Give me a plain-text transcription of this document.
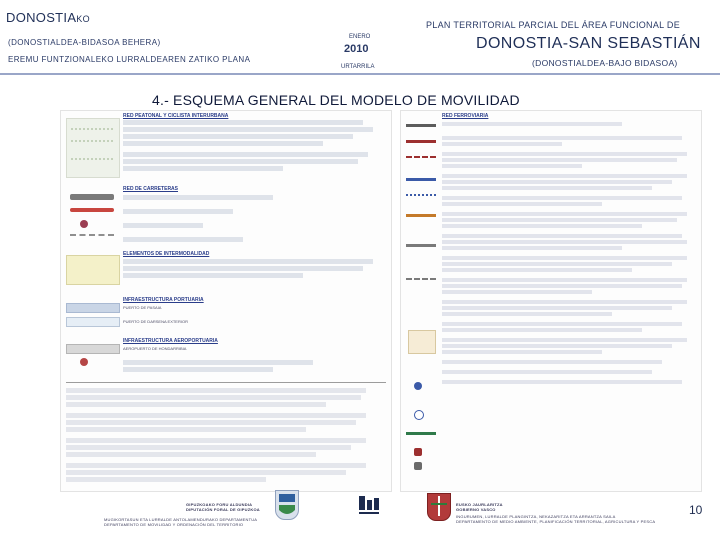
DONOSTIAKO
(DONOSTIALDEA-BIDASOA BEHERA)
EREMU FUNTZIONALEKO LURRALDEAREN ZATIKO PLANA
ENERO
2010
URTARRILA
PLAN TERRITORIAL PARCIAL DEL ÁREA FUNCIONAL DE
DONOSTIA-SAN SEBASTIÁN
(DONOSTIALDEA-BAJO BIDASOA)
4.- ESQUEMA GENERAL DEL MODELO DE MOVILIDAD
RED PEATONAL Y CICLISTA INTERURBANA
RED DE CARRETERAS
ELEMENTOS DE INTERMODALIDAD
INFRAESTRUCTURA PORTUARIA
PUERTO DE PASAIA
PUERTO DE DARSENA EXTERIOR
INFRAESTRUCTURA AEROPORTUARIA
AEROPUERTO DE HONDARRIBIA
RED FERROVIARIA
GIPUZKOAKO FORU ALDUNDIA
DIPUTACIÓN FORAL DE GIPUZKOA
MUGIKORTASUN ETA LURRALDE ANTOLAMENDURAKO DEPARTAMENTUA
DEPARTAMENTO DE MOVILIDAD Y ORDENACIÓN DEL TERRITORIO
EUSKO JAURLARITZA
GOBIERNO VASCO
INGURUMEN, LURRALDE PLANGINTZA, NEKAZARITZA ETA ARRANTZA SAILA
DEPARTAMENTO DE MEDIO AMBIENTE, PLANIFICACIÓN TERRITORIAL, AGRICULTURA Y PESCA
10
